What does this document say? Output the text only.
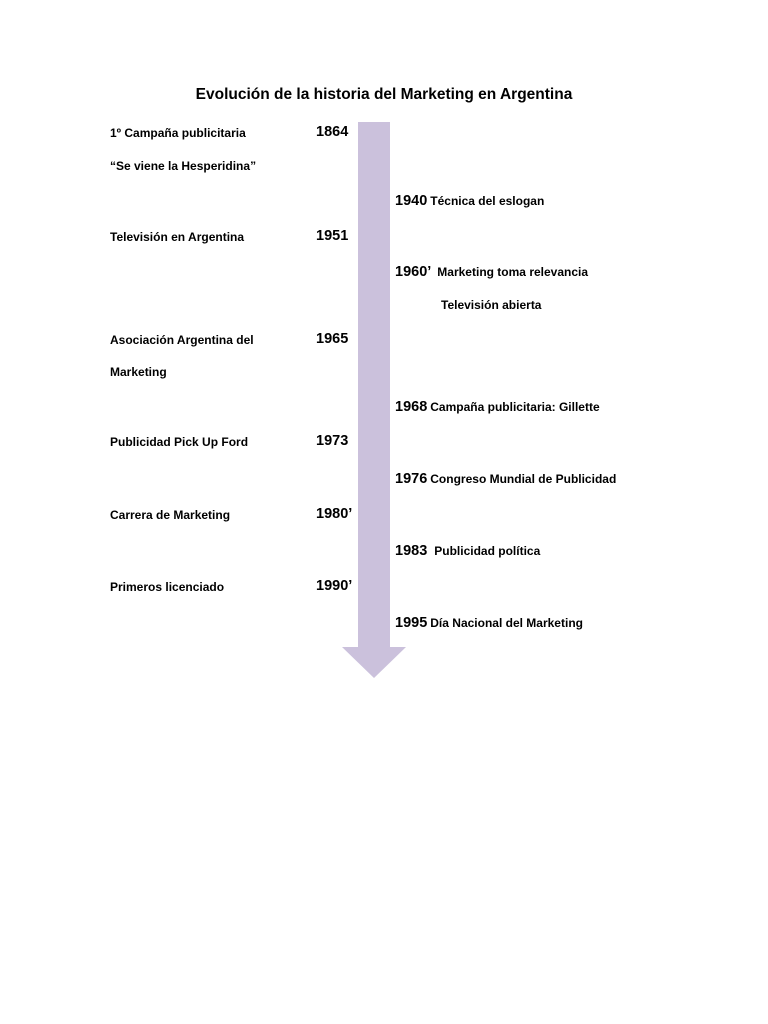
Evolución de la historia del Marketing en Argentina
1º Campaña publicitaria
“Se viene la Hesperidina”
1864
Televisión en Argentina	1951
Asociación Argentina del
Marketing
1965
Publicidad Pick Up Ford	1973
Carrera de Marketing	1980’
Primeros licenciado	1990’
1940 Técnica del eslogan
1960’ Marketing toma relevancia
Televisión abierta
1968 Campaña publicitaria: Gillette
1976 Congreso Mundial de Publicidad
1983 Publicidad política
1995 Día Nacional del Marketing
